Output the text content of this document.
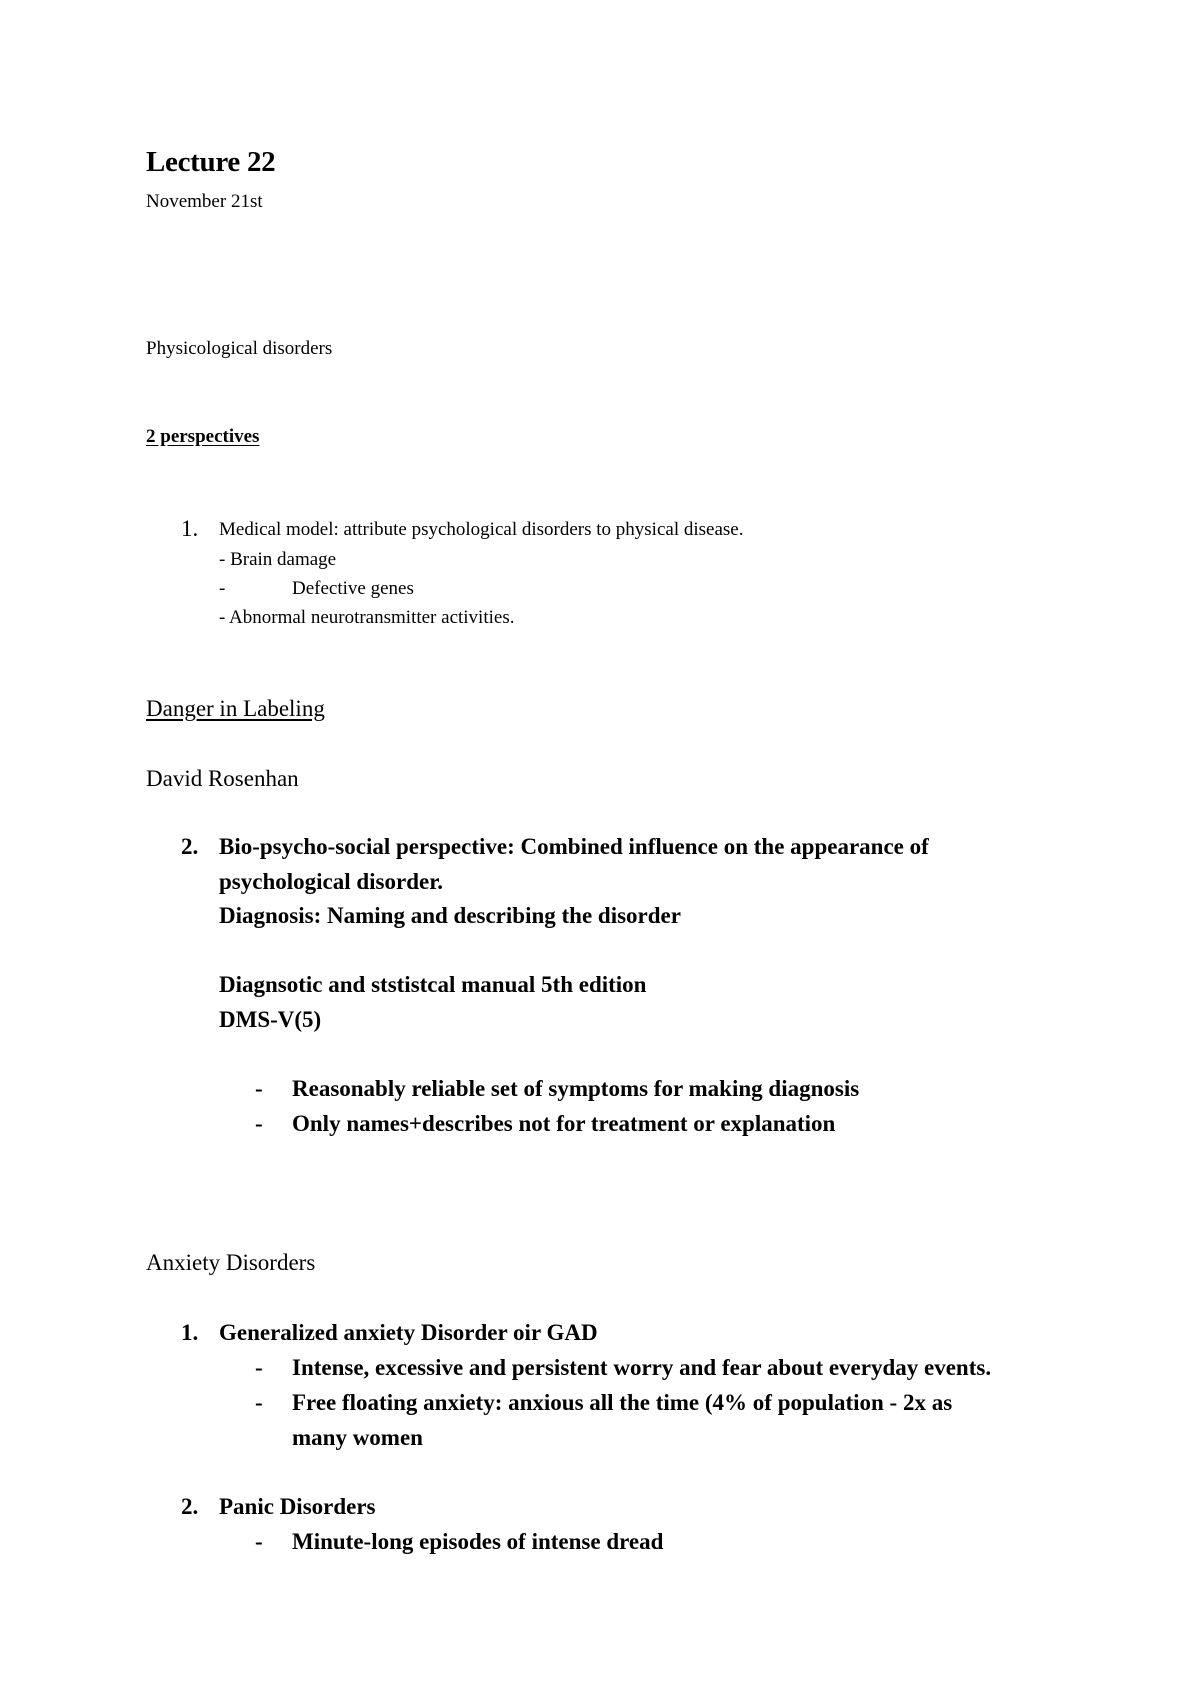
Lecture 22
November 21st
Physicological disorders
2 perspectives
1. Medical model: attribute psychological disorders to physical disease.
- Brain damage
-	Defective genes
- Abnormal neurotransmitter activities.
Danger in Labeling
David Rosenhan
2. Bio-psycho-social perspective: Combined influence on the appearance of
psychological disorder.
Diagnosis: Naming and describing the disorder
Diagnsotic and ststistcal manual 5th edition
DMS-V(5)
- Reasonably reliable set of symptoms for making diagnosis
- Only names+describes not for treatment or explanation
Anxiety Disorders
1. Generalized anxiety Disorder oir GAD
- Intense, excessive and persistent worry and fear about everyday events.
- Free floating anxiety: anxious all the time (4% of population - 2x as
many women
2. Panic Disorders
- Minute-long episodes of intense dread
